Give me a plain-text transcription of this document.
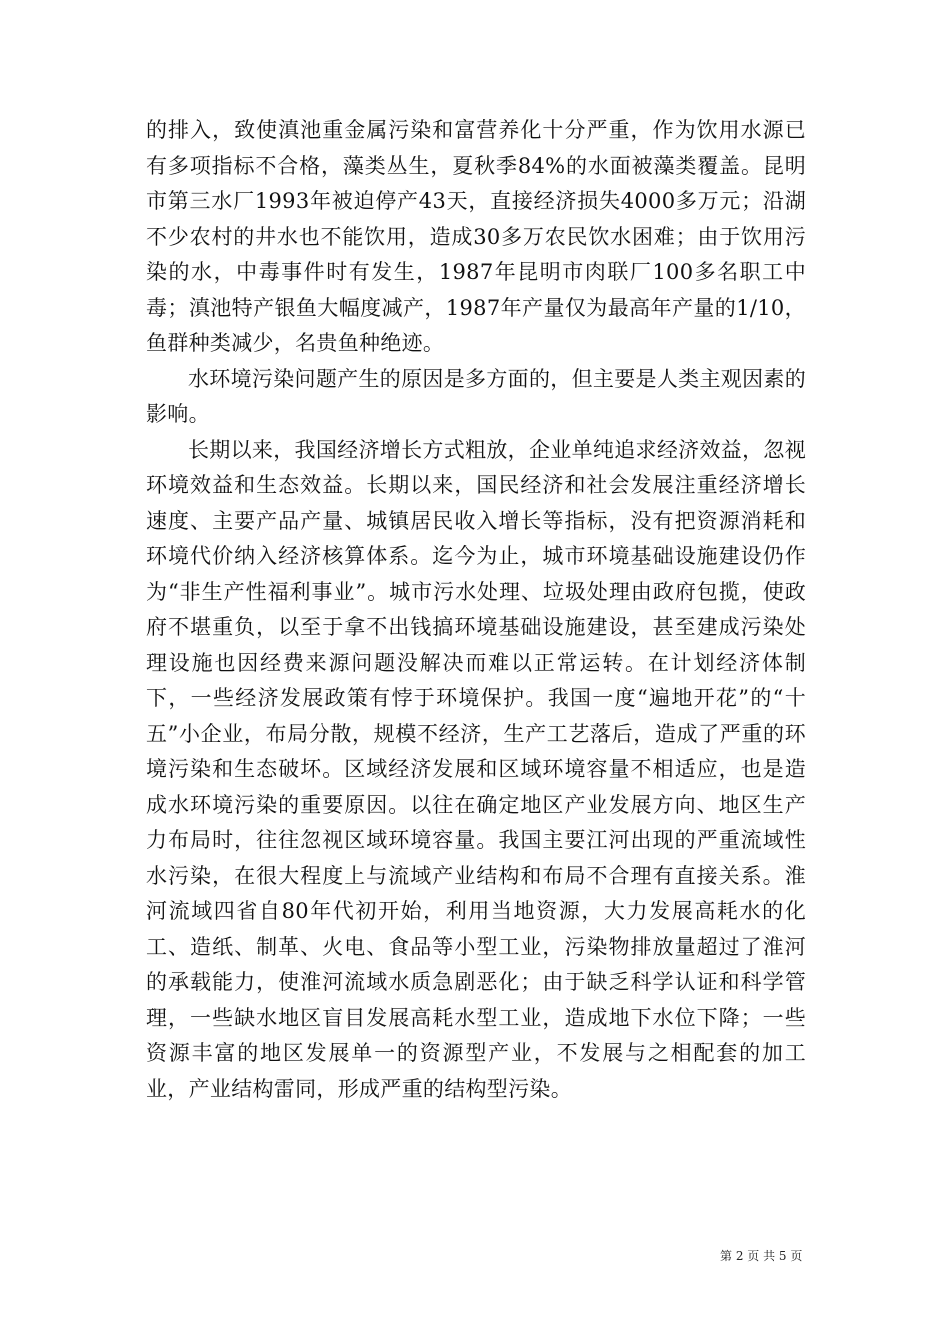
的排入，致使滇池重金属污染和富营养化十分严重，作为饮用水源已有多项指标不合格，藻类丛生，夏秋季84%的水面被藻类覆盖。昆明市第三水厂1993年被迫停产43天，直接经济损失4000多万元；沿湖不少农村的井水也不能饮用，造成30多万农民饮水困难；由于饮用污染的水，中毒事件时有发生，1987年昆明市肉联厂100多名职工中毒；滇池特产银鱼大幅度减产，1987年产量仅为最高年产量的1/10，鱼群种类减少，名贵鱼种绝迹。

水环境污染问题产生的原因是多方面的，但主要是人类主观因素的影响。

长期以来，我国经济增长方式粗放，企业单纯追求经济效益，忽视环境效益和生态效益。长期以来，国民经济和社会发展注重经济增长速度、主要产品产量、城镇居民收入增长等指标，没有把资源消耗和环境代价纳入经济核算体系。迄今为止，城市环境基础设施建设仍作为“非生产性福利事业”。城市污水处理、垃圾处理由政府包揽，使政府不堪重负，以至于拿不出钱搞环境基础设施建设，甚至建成污染处理设施也因经费来源问题没解决而难以正常运转。在计划经济体制下，一些经济发展政策有悖于环境保护。我国一度“遍地开花”的“十五”小企业，布局分散，规模不经济，生产工艺落后，造成了严重的环境污染和生态破坏。区域经济发展和区域环境容量不相适应，也是造成水环境污染的重要原因。以往在确定地区产业发展方向、地区生产力布局时，往往忽视区域环境容量。我国主要江河出现的严重流域性水污染，在很大程度上与流域产业结构和布局不合理有直接关系。淮河流域四省自80年代初开始，利用当地资源，大力发展高耗水的化工、造纸、制革、火电、食品等小型工业，污染物排放量超过了淮河的承载能力，使淮河流域水质急剧恶化；由于缺乏科学认证和科学管理，一些缺水地区盲目发展高耗水型工业，造成地下水位下降；一些资源丰富的地区发展单一的资源型产业，不发展与之相配套的加工业，产业结构雷同，形成严重的结构型污染。

第 2 页 共 5 页
